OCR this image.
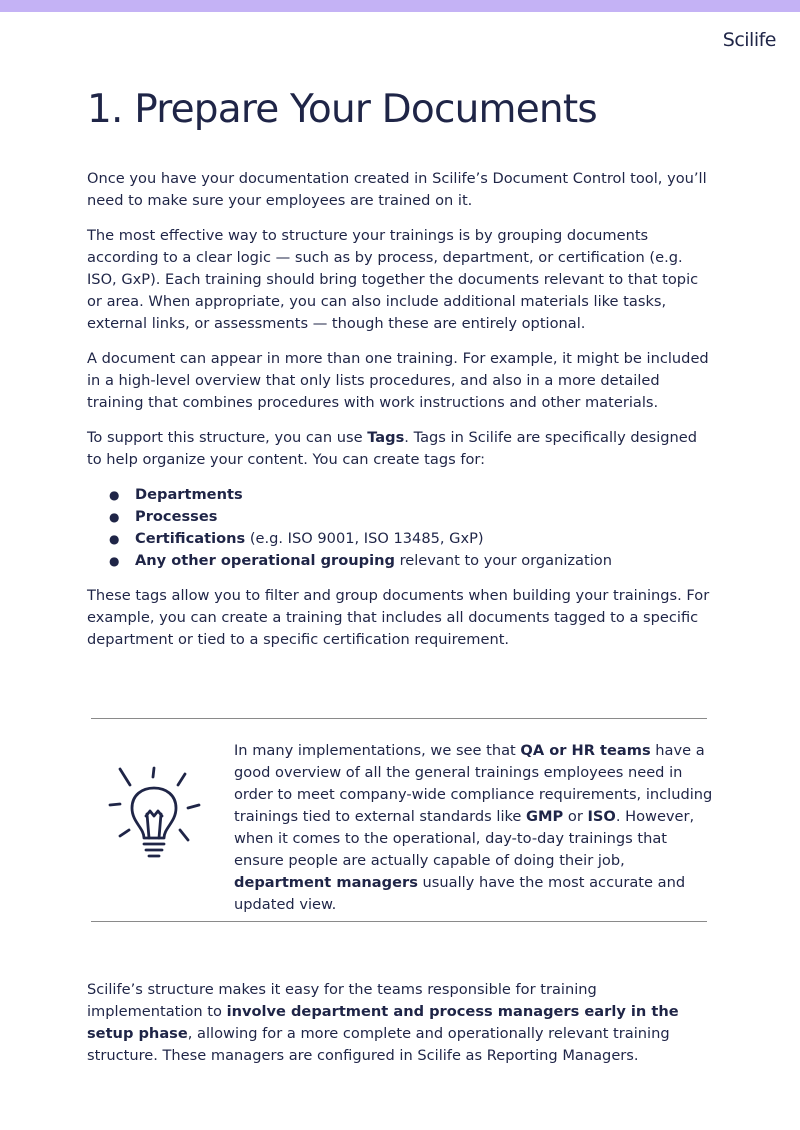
Scilife
1. Prepare Your Documents

Once you have your documentation created in Scilife’s Document Control tool, you’ll need to make sure your employees are trained on it.

The most effective way to structure your trainings is by grouping documents according to a clear logic — such as by process, department, or certification (e.g. ISO, GxP). Each training should bring together the documents relevant to that topic or area. When appropriate, you can also include additional materials like tasks, external links, or assessments — though these are entirely optional.

A document can appear in more than one training. For example, it might be included in a high-level overview that only lists procedures, and also in a more detailed training that combines procedures with work instructions and other materials.

To support this structure, you can use Tags. Tags in Scilife are specifically designed to help organize your content. You can create tags for:

● Departments
● Processes
● Certifications (e.g. ISO 9001, ISO 13485, GxP)
● Any other operational grouping relevant to your organization

These tags allow you to filter and group documents when building your trainings. For example, you can create a training that includes all documents tagged to a specific department or tied to a specific certification requirement.

In many implementations, we see that QA or HR teams have a good overview of all the general trainings employees need in order to meet company-wide compliance requirements, including trainings tied to external standards like GMP or ISO. However, when it comes to the operational, day-to-day trainings that ensure people are actually capable of doing their job, department managers usually have the most accurate and updated view.

Scilife’s structure makes it easy for the teams responsible for training implementation to involve department and process managers early in the setup phase, allowing for a more complete and operationally relevant training structure. These managers are configured in Scilife as Reporting Managers.
